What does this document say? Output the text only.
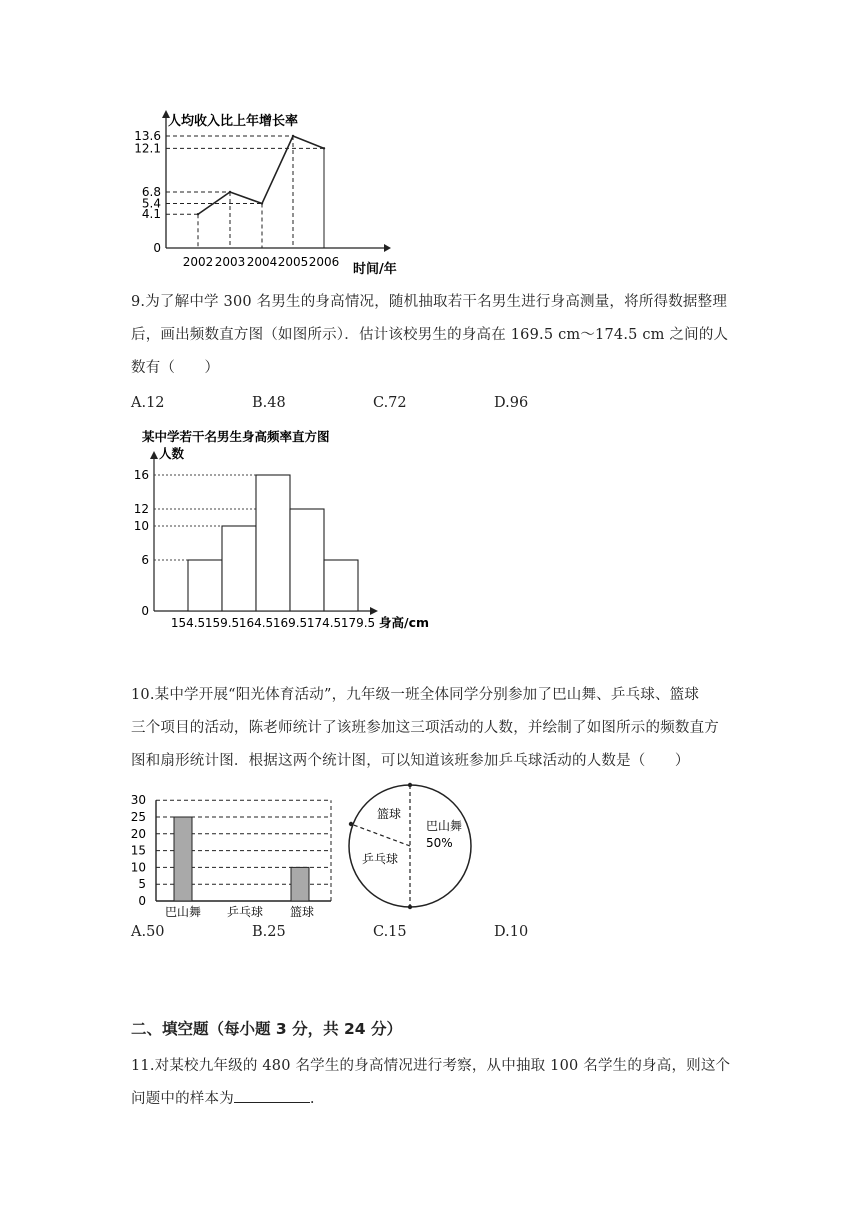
0
4.1
5.4
6.8
12.1
13.6
2002 2003 2004 2005 2006
人均收入比上年增长率
时间/年
9.为了解中学 300 名男生的身高情况，随机抽取若干名男生进行身高测量，将所得数据整理
后，画出频数直方图（如图所示）．估计该校男生的身高在 169.5 cm～174.5 cm 之间的人
数有（　　）
A.12	B.48	C.72	D.96
某中学若干名男生身高频率直方图
人数
0
6
10
12
16
154.5 159.5 164.5 169.5 174.5 179.5 身高/cm
10.某中学开展“阳光体育活动”，九年级一班全体同学分别参加了巴山舞、乒乓球、篮球
三个项目的活动，陈老师统计了该班参加这三项活动的人数，并绘制了如图所示的频数直方
图和扇形统计图．根据这两个统计图，可以知道该班参加乒乓球活动的人数是（　　）
0
5
10
15
20
25
30
巴山舞 乒乓球 篮球
篮球
乒乓球
巴山舞
50%
A.50	B.25	C.15	D.10
二、填空题（每小题 3 分，共 24 分）
11.对某校九年级的 480 名学生的身高情况进行考察，从中抽取 100 名学生的身高，则这个
问题中的样本为	.
